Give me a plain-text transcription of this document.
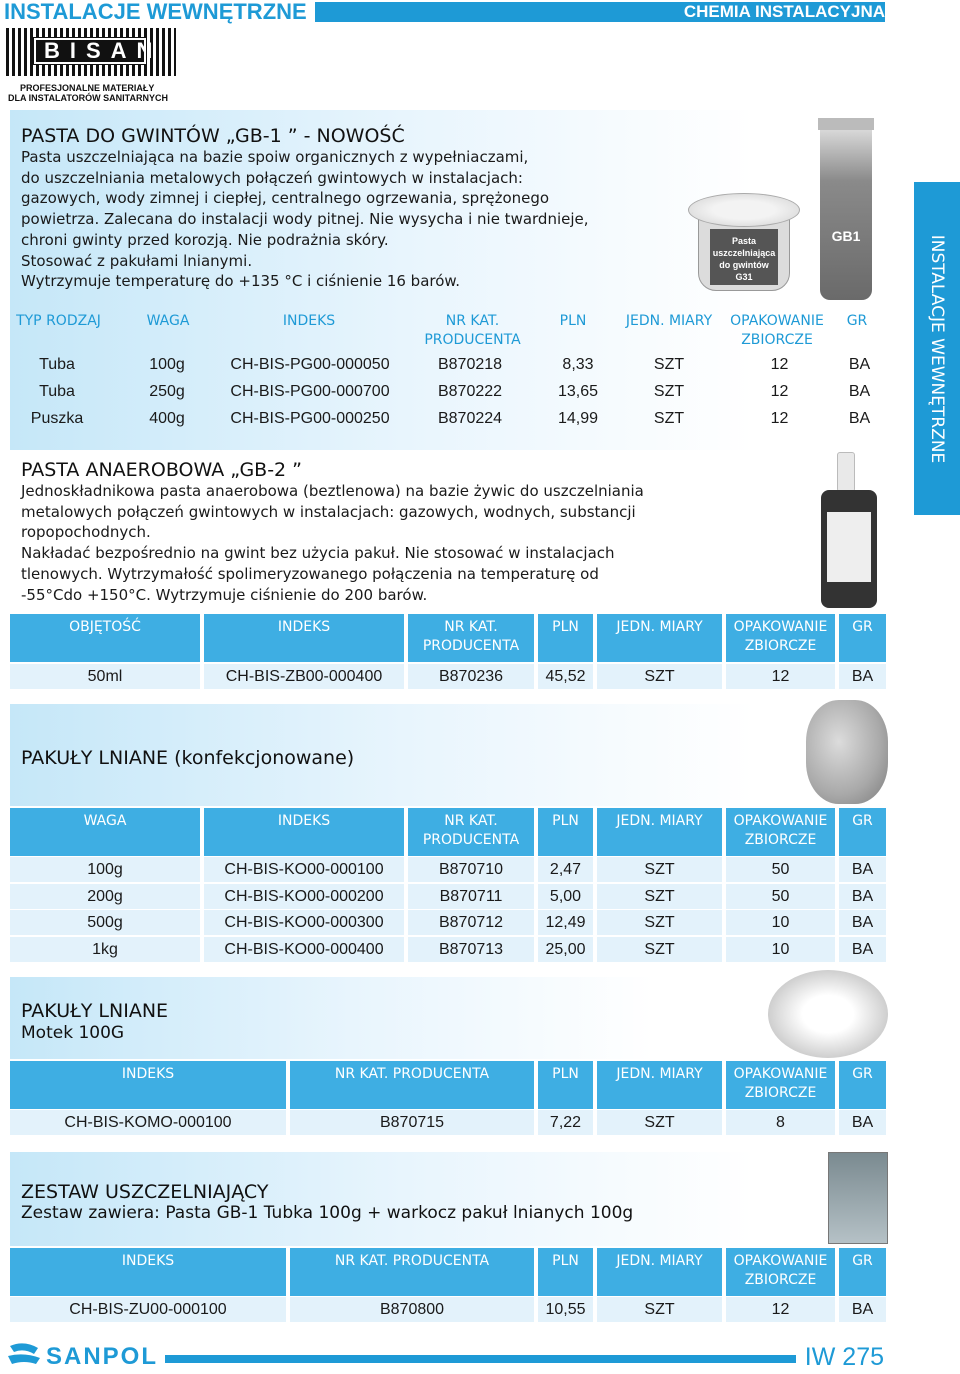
INSTALACJE WEWNĘTRZNE	CHEMIA INSTALACYJNA
BISAN
PROFESJONALNE MATERIAŁY
DLA INSTALATORÓW SANITARNYCH
INSTALACJE WEWNĘTRZNE
PASTA DO GWINTÓW „GB-1 ” - NOWOŚĆ

Pasta uszczelniająca na bazie spoiw organicznych z wypełniaczami,

do uszczelniania metalowych połączeń gwintowych w instalacjach:

gazowych, wody zimnej i ciepłej, centralnego ogrzewania, sprężonego

powietrza. Zalecana do instalacji wody pitnej. Nie wysycha i nie twardnieje,

chroni gwinty przed korozją. Nie podrażnia skóry.

Stosować z pakułami lnianymi.

Wytrzymuje temperaturę do +135 °C i ciśnienie 16 barów.

Pasta uszczelniająca do gwintów G31
GB1
TYP RODZAJ	WAGA	INDEKS	NR KAT. PRODUCENTA
PLN	JEDN. MIARY	OPAKOWANIE ZBIORCZE
GR
Tuba	100g	CH-BIS-PG00-000050	B870218	8,33	SZT	12	BA
Tuba	250g	CH-BIS-PG00-000700	B870222	13,65	SZT	12	BA
Puszka	400g	CH-BIS-PG00-000250	B870224	14,99	SZT	12	BA
PASTA ANAEROBOWA „GB-2 ”

Jednoskładnikowa pasta anaerobowa (beztlenowa) na bazie żywic do uszczelniania

metalowych połączeń gwintowych w instalacjach: gazowych, wodnych, substancji

ropopochodnych.

Nakładać bezpośrednio na gwint bez użycia pakuł. Nie stosować w instalacjach

tlenowych. Wytrzymałość spolimeryzowanego połączenia na temperaturę od

-55°Cdo +150°C. Wytrzymuje ciśnienie do 200 barów.

OBJĘTOŚĆ	INDEKS	NR KAT. PRODUCENTA
PLN	JEDN. MIARY	OPAKOWANIE ZBIORCZE
GR
50ml	CH-BIS-ZB00-000400	B870236	45,52	SZT	12	BA
PAKUŁY LNIANE (konfekcjonowane)
WAGA	INDEKS	NR KAT. PRODUCENTA
PLN	JEDN. MIARY	OPAKOWANIE ZBIORCZE
GR
100g	CH-BIS-KO00-000100	B870710	2,47	SZT	50	BA
200g	CH-BIS-KO00-000200	B870711	5,00	SZT	50	BA
500g	CH-BIS-KO00-000300	B870712	12,49	SZT	10	BA
1kg	CH-BIS-KO00-000400	B870713	25,00	SZT	10	BA
PAKUŁY LNIANE
Motek 100G
INDEKS	NR KAT. PRODUCENTA	PLN	JEDN. MIARY	OPAKOWANIE ZBIORCZE
GR
CH-BIS-KOMO-000100	B870715	7,22	SZT	8	BA
ZESTAW USZCZELNIAJĄCY
Zestaw zawiera: Pasta GB-1 Tubka 100g + warkocz pakuł lnianych 100g
INDEKS	NR KAT. PRODUCENTA	PLN	JEDN. MIARY	OPAKOWANIE ZBIORCZE
GR
CH-BIS-ZU00-000100	B870800	10,55	SZT	12	BA
SANPOL	IW 275
